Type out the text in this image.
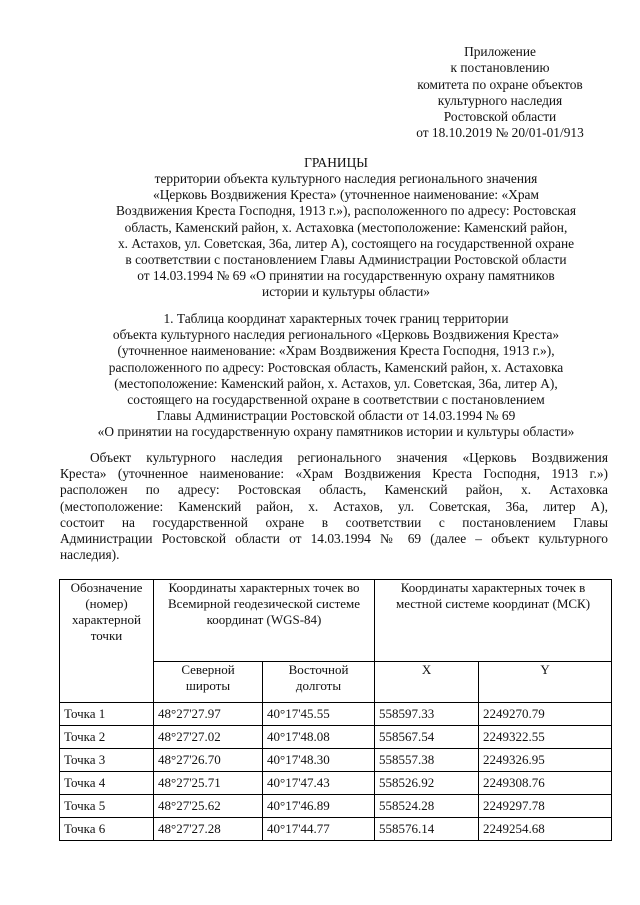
Приложение
к постановлению
комитета по охране объектов
культурного наследия
Ростовской области
от 18.10.2019 № 20/01-01/913
ГРАНИЦЫ
территории объекта культурного наследия регионального значения
«Церковь Воздвижения Креста» (уточненное наименование: «Храм
Воздвижения Креста Господня, 1913 г.»), расположенного по адресу: Ростовская
область, Каменский район, х. Астаховка (местоположение: Каменский район,
х. Астахов, ул. Советская, 36а, литер А), состоящего на государственной охране
в соответствии с постановлением Главы Администрации Ростовской области
от 14.03.1994 № 69 «О принятии на государственную охрану памятников
истории и культуры области»
1. Таблица координат характерных точек границ территории
объекта культурного наследия регионального «Церковь Воздвижения Креста»
(уточненное наименование: «Храм Воздвижения Креста Господня, 1913 г.»),
расположенного по адресу: Ростовская область, Каменский район, х. Астаховка
(местоположение: Каменский район, х. Астахов, ул. Советская, 36а, литер А),
состоящего на государственной охране в соответствии с постановлением
Главы Администрации Ростовской области от 14.03.1994 № 69
«О принятии на государственную охрану памятников истории и культуры области»
Объект культурного наследия регионального значения «Церковь Воздвижения
Креста» (уточненное наименование: «Храм Воздвижения Креста Господня, 1913 г.»)
расположен по адресу: Ростовская область, Каменский район, х. Астаховка
(местоположение: Каменский район, х. Астахов, ул. Советская, 36а, литер А),
состоит на государственной охране в соответствии с постановлением Главы
Администрации Ростовской области от 14.03.1994 № 69 (далее – объект культурного
наследия).
Обозначение (номер) характерной точки	Координаты характерных точек во Всемирной геодезической системе координат (WGS-84)		Координаты характерных точек в местной системе координат (МСК)	
	Северной широты	Восточной долготы	X	Y
Точка 1	48°27'27.97	40°17'45.55	558597.33	2249270.79
Точка 2	48°27'27.02	40°17'48.08	558567.54	2249322.55
Точка 3	48°27'26.70	40°17'48.30	558557.38	2249326.95
Точка 4	48°27'25.71	40°17'47.43	558526.92	2249308.76
Точка 5	48°27'25.62	40°17'46.89	558524.28	2249297.78
Точка 6	48°27'27.28	40°17'44.77	558576.14	2249254.68
